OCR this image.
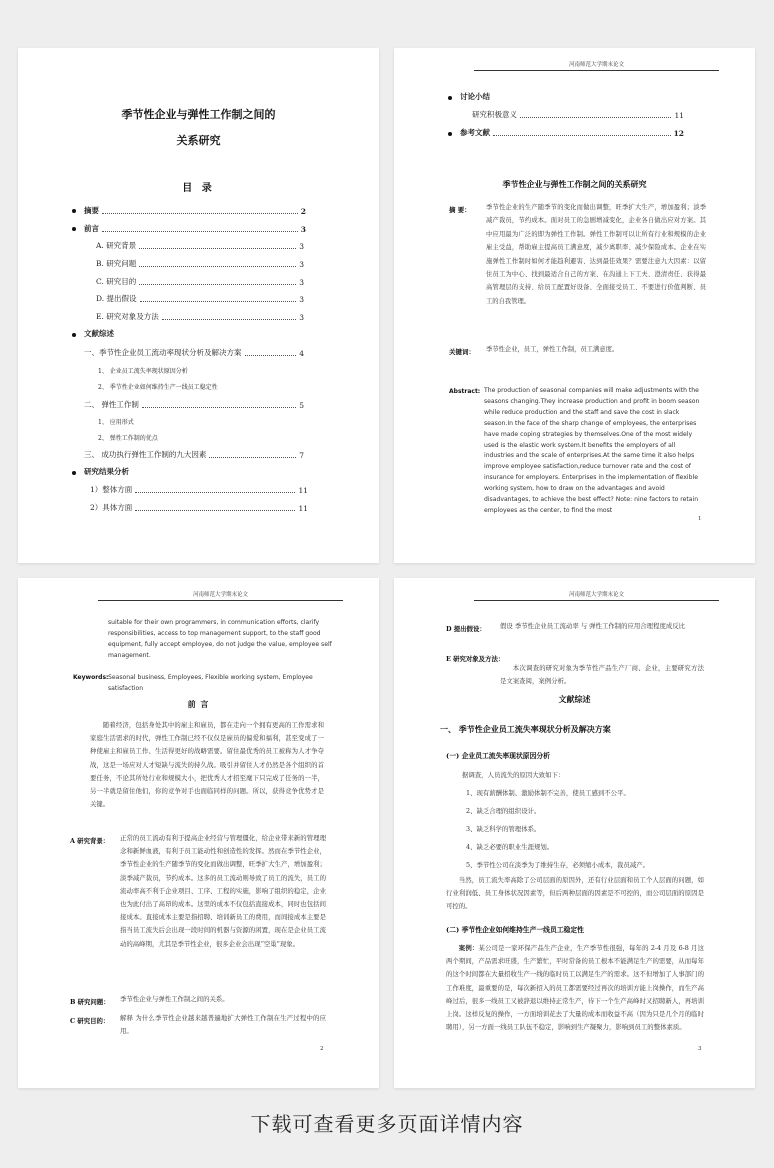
季节性企业与弹性工作制之间的
关系研究
目 录
摘要	2
前言	3
A. 研究背景	3
B. 研究问题	3
C. 研究目的	3
D. 提出假设	3
E. 研究对象及方法	3
文献综述
一、季节性企业员工流动率现状分析及解决方案	4
1、 企业员工流失率现状原因分析
2、 季节性企业如何维持生产一线员工稳定性
二、 弹性工作制	5
1、 应用形式
2、 弹性工作制的优点
三、 成功执行弹性工作制的九大因素	7
研究结果分析
1）整体方面	11
2）具体方面	11
河南师范大学期末论文
讨论小结
研究积极意义	11
参考文献	12
季节性企业与弹性工作制之间的关系研究
摘 要： 季节性企业的生产随季节的变化而做出调整，旺季扩大生产，增加盈利；淡季减产裁员，节约成本。面对员工的急剧增减变化，企业各自做出应对方案。其中应用最为广泛的即为弹性工作制。弹性工作制可以让所有行业和规模的企业雇主受益，帮助雇主提高员工满意度，减少离职率、减少保险成本。企业在实施弹性工作制时如何才能趋利避害、达到最佳效果？需要注意九大因素：以留住员工为中心、找到最适合自己的方案、在沟通上下工夫、澄清责任、获得最高管理层的支持、给员工配置好设备、全面接受员工、不要进行价值判断、员工的自我管理。
关键词： 季节性企业，员工，弹性工作制，员工满意度。
Abstract: The production of seasonal companies will make adjustments with the seasons changing.They increase production and profit in boom season while reduce production and the staff and save the cost in slack season.In the face of the sharp change of employees, the enterprises have made coping strategies by themselves.One of the most widely used is the elastic work system.It benefits the employers of all industries and the scale of enterprises.At the same time it also helps improve employee satisfaction,reduce turnover rate and the cost of insurance for employers. Enterprises in the implementation of flexible working system, how to draw on the advantages and avoid disadvantages, to achieve the best effect? Note: nine factors to retain employees as the center, to find the most
1
河南师范大学期末论文
suitable for their own programmers, in communication efforts, clarify responsibilities, access to top management support, to the staff good equipment, fully accept employee, do not judge the value, employee self management.
Keywords: Seasonal business, Employees, Flexible working system, Employee satisfaction
前 言
随着经济，包括身处其中的雇主和雇员，都在走向一个拥有更高的工作需求和家庭生活需求的时代，弹性工作制已经不仅仅是雇员的偏爱和福利，甚至变成了一种使雇主和雇员工作、生活得更好的战略需要。留住最优秀的员工被称为人才争夺战，这是一场应对人才短缺与流失的持久战。吸引并留住人才仍然是各个组织的首要任务，不论其所处行业和规模大小，把优秀人才招至麾下只完成了任务的一半，另一半就是留住他们，你的竞争对手也面临同样的问题。所以，获得竞争优势才是关键。
A 研究背景： 正常的员工流动有利于提高企业经营与管理僵化，给企业带来新的管理理念和新鲜血液，有利于员工能动性和创造性的发挥。然而在季节性企业，季节性企业的生产随季节的变化而做出调整，旺季扩大生产，增加盈利；淡季减产裁员，节约成本。这多的员工流动则导致了员工的流失，员工的流动率高不利于企业项目、工序、工程的实施，影响了组织的稳定，企业也为此付出了高昂的成本。这里的成本不仅包括直接成本，同时也包括间接成本。直接成本主要是指招聘、培训新员工的费用，而间接成本主要是指当员工流失后会出现一段时间的机器与资源的闲置，现在是企业员工流动的高峰期，尤其是季节性企业，很多企业会出现“空巢”现象。
B 研究问题： 季节性企业与弹性工作制之间的关系。
C 研究目的： 解释 为什么季节性企业越来越普遍地扩大弹性工作制在生产过程中的应用。
2
河南师范大学期末论文
D 提出假设： 假设 季节性企业员工流动率 与 弹性工作制的应用合理程度成反比
E 研究对象及方法：
本次调查的研究对象为季节性产品生产厂商、企业，主要研究方法是文案查阅，案例分析。
文献综述
一、 季节性企业员工流失率现状分析及解决方案
(一) 企业员工流失率现状原因分析
据调查，人员流失的原因大致如下：
1、现有薪酬体制、激励体制不完善，使员工感到不公平。
2、缺乏合理的组织设计。
3、缺乏科学的管理体系。
4、缺乏必要的职业生涯规划。
5、季节性公司在淡季为了维持生存，必须缩小成本，裁员减产。
当然，员工流失率高除了公司层面的原因外，还有行业层面和员工个人层面的问题，如行业利润低、员工身体状况因素等，但后两种层面的因素是不可控的，而公司层面的原因是可控的。
(二) 季节性企业如何维持生产一线员工稳定性
案例：某公司是一家环保产品生产企业，生产季节性很强，每年的 2-4 月及 6-8 月这两个期间，产品需求旺盛，生产繁忙，平时常备的员工根本不能满足生产的需要，从而每年的这个时间都在大量招收生产一线的临时员工以满足生产的需求。这不但增加了人事部门的工作难度，最重要的是，每次新招入的员工都需要经过再次的培训方能上岗操作，而生产高峰过后，很多一线员工又被辞退以维持正常生产，待下一个生产高峰时又招聘新人，再培训上岗。这样反复的操作，一方面培训花去了大量的成本而收益不高（因为只是几个月的临时聘用），另一方面一线员工队伍不稳定，影响到生产凝聚力，影响到员工的整体素质。
3
下载可查看更多页面详情内容
